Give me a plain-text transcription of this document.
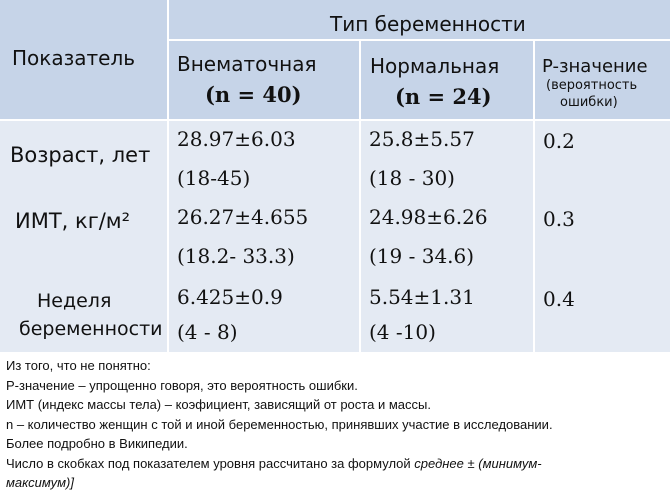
Показатель
Тип беременности
Внематочная
(n = 40)
Нормальная
(n = 24)
P-значение
(вероятность
ошибки)
Возраст, лет
28.97±6.03
(18-45)
25.8±5.57
(18 - 30)
0.2
ИМТ, кг/м² 26.27±4.655
(18.2- 33.3)
24.98±6.26
(19 - 34.6)
0.3
Неделя
беременности
6.425±0.9
(4 - 8)
5.54±1.31
(4 -10)
0.4
Из того, что не понятно:
Р-значение – упрощенно говоря, это вероятность ошибки.
ИМТ (индекс массы тела) – коэфициент, зависящий от роста и массы.
n – количество женщин с той и иной беременностью, принявших участие в исследовании.
Более подробно в Википедии.
Число в скобках под показателем уровня рассчитано за формулой среднее ± (минимум-
максимум)]
